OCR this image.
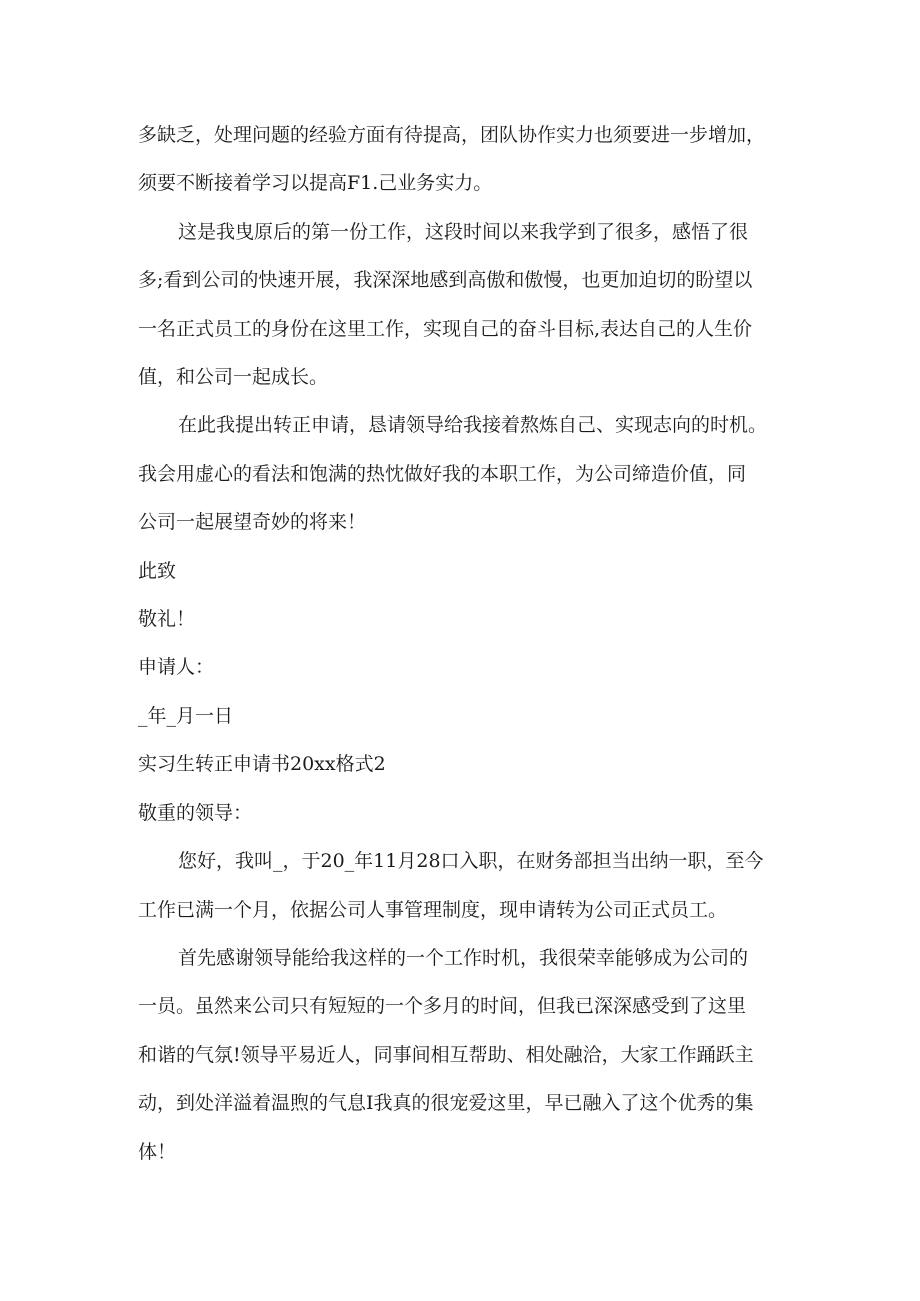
多缺乏，处理问题的经验方面有待提高，团队协作实力也须要进一步增加，
须要不断接着学习以提高F1.己业务实力。

这是我曳原后的第一份工作，这段时间以来我学到了很多，感悟了很
多;看到公司的快速开展，我深深地感到高傲和傲慢，也更加迫切的盼望以
一名正式员工的身份在这里工作，实现自己的奋斗目标,表达自己的人生价
值，和公司一起成长。

在此我提出转正申请，恳请领导给我接着熬炼自己、实现志向的时机。
我会用虚心的看法和饱满的热忱做好我的本职工作，为公司缔造价值，同
公司一起展望奇妙的将来！

此致

敬礼！

申请人：

_年_月一日

实习生转正申请书20xx格式2

敬重的领导：

您好，我叫_，于20_年11月28口入职，在财务部担当出纳一职，至今
工作已满一个月，依据公司人事管理制度，现申请转为公司正式员工。

首先感谢领导能给我这样的一个工作时机，我很荣幸能够成为公司的
一员。虽然来公司只有短短的一个多月的时间，但我已深深感受到了这里
和谐的气氛!领导平易近人，同事间相互帮助、相处融洽，大家工作踊跃主
动，到处洋溢着温煦的气息I我真的很宠爱这里，早已融入了这个优秀的集
体！
